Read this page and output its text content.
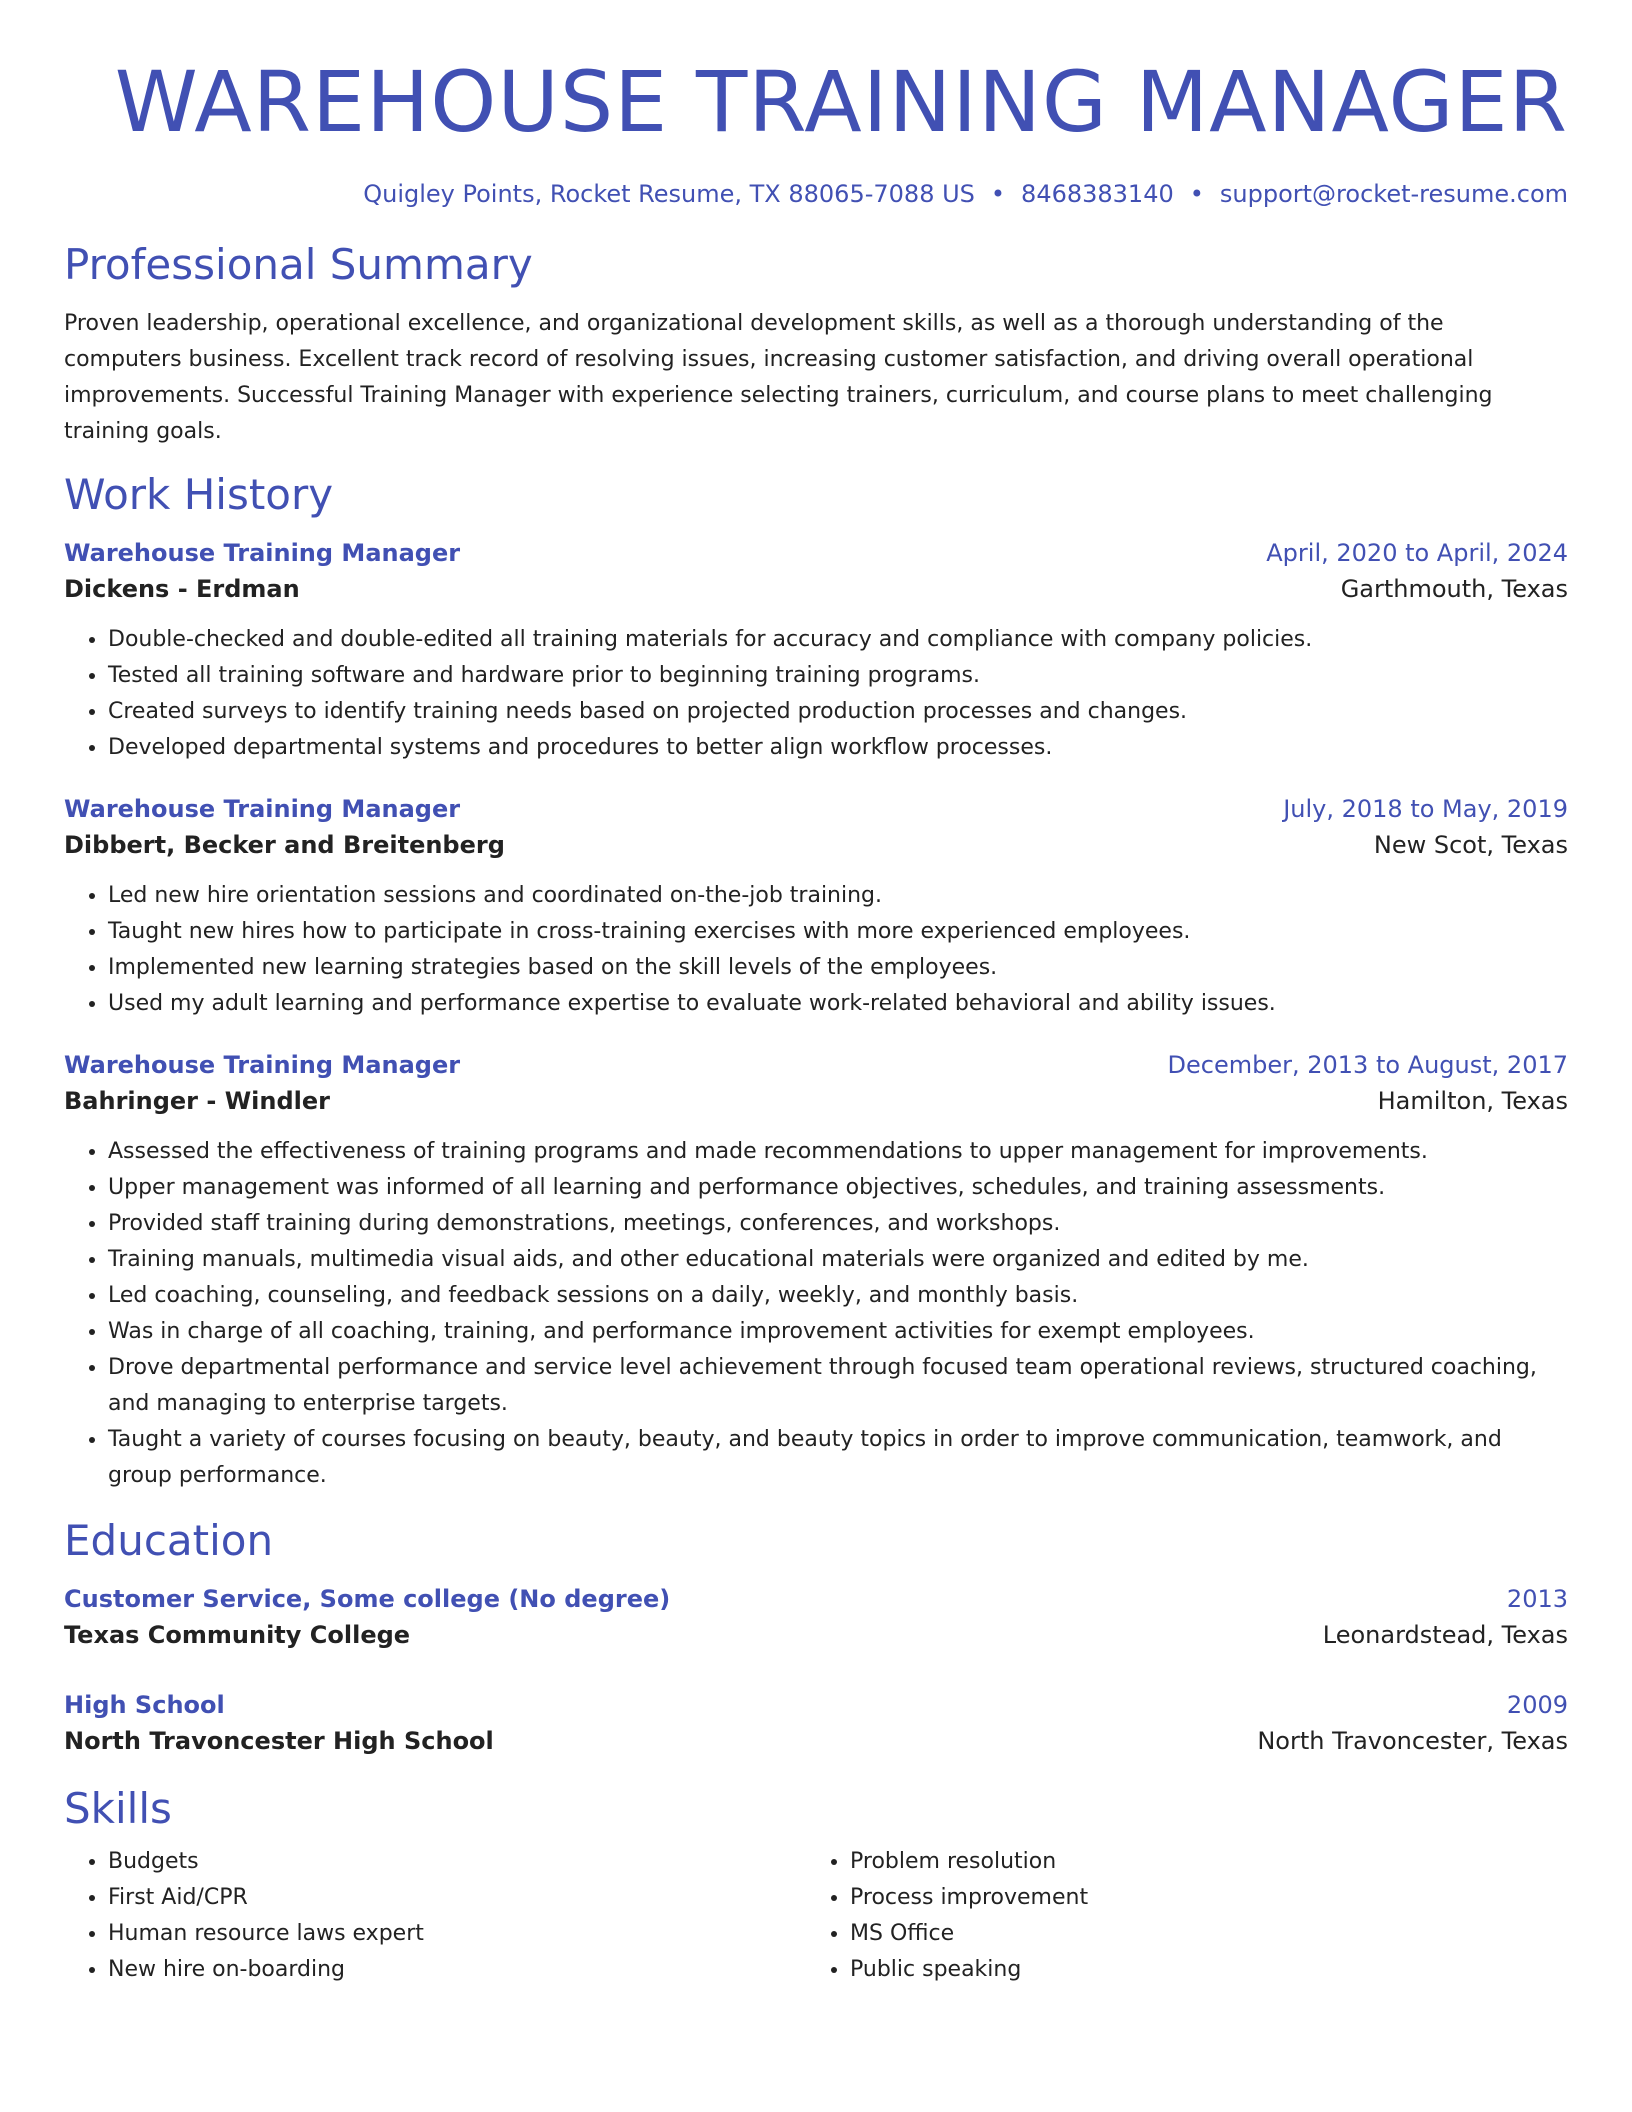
WAREHOUSE TRAINING MANAGER
Quigley Points, Rocket Resume, TX 88065-7088 US • 8468383140 • support@rocket-resume.com
Professional Summary
Proven leadership, operational excellence, and organizational development skills, as well as a thorough understanding of the computers business. Excellent track record of resolving issues, increasing customer satisfaction, and driving overall operational improvements. Successful Training Manager with experience selecting trainers, curriculum, and course plans to meet challenging training goals.
Work History
Warehouse Training Manager	April, 2020 to April, 2024
Dickens - Erdman	Garthmouth, Texas
• Double-checked and double-edited all training materials for accuracy and compliance with company policies.
• Tested all training software and hardware prior to beginning training programs.
• Created surveys to identify training needs based on projected production processes and changes.
• Developed departmental systems and procedures to better align workflow processes.
Warehouse Training Manager	July, 2018 to May, 2019
Dibbert, Becker and Breitenberg	New Scot, Texas
• Led new hire orientation sessions and coordinated on-the-job training.
• Taught new hires how to participate in cross-training exercises with more experienced employees.
• Implemented new learning strategies based on the skill levels of the employees.
• Used my adult learning and performance expertise to evaluate work-related behavioral and ability issues.
Warehouse Training Manager	December, 2013 to August, 2017
Bahringer - Windler	Hamilton, Texas
• Assessed the effectiveness of training programs and made recommendations to upper management for improvements.
• Upper management was informed of all learning and performance objectives, schedules, and training assessments.
• Provided staff training during demonstrations, meetings, conferences, and workshops.
• Training manuals, multimedia visual aids, and other educational materials were organized and edited by me.
• Led coaching, counseling, and feedback sessions on a daily, weekly, and monthly basis.
• Was in charge of all coaching, training, and performance improvement activities for exempt employees.
• Drove departmental performance and service level achievement through focused team operational reviews, structured coaching, and managing to enterprise targets.
• Taught a variety of courses focusing on beauty, beauty, and beauty topics in order to improve communication, teamwork, and group performance.
Education
Customer Service, Some college (No degree)	2013
Texas Community College	Leonardstead, Texas
High School	2009
North Travoncester High School	North Travoncester, Texas
Skills
• Budgets
• First Aid/CPR
• Human resource laws expert
• New hire on-boarding
• Problem resolution
• Process improvement
• MS Office
• Public speaking
